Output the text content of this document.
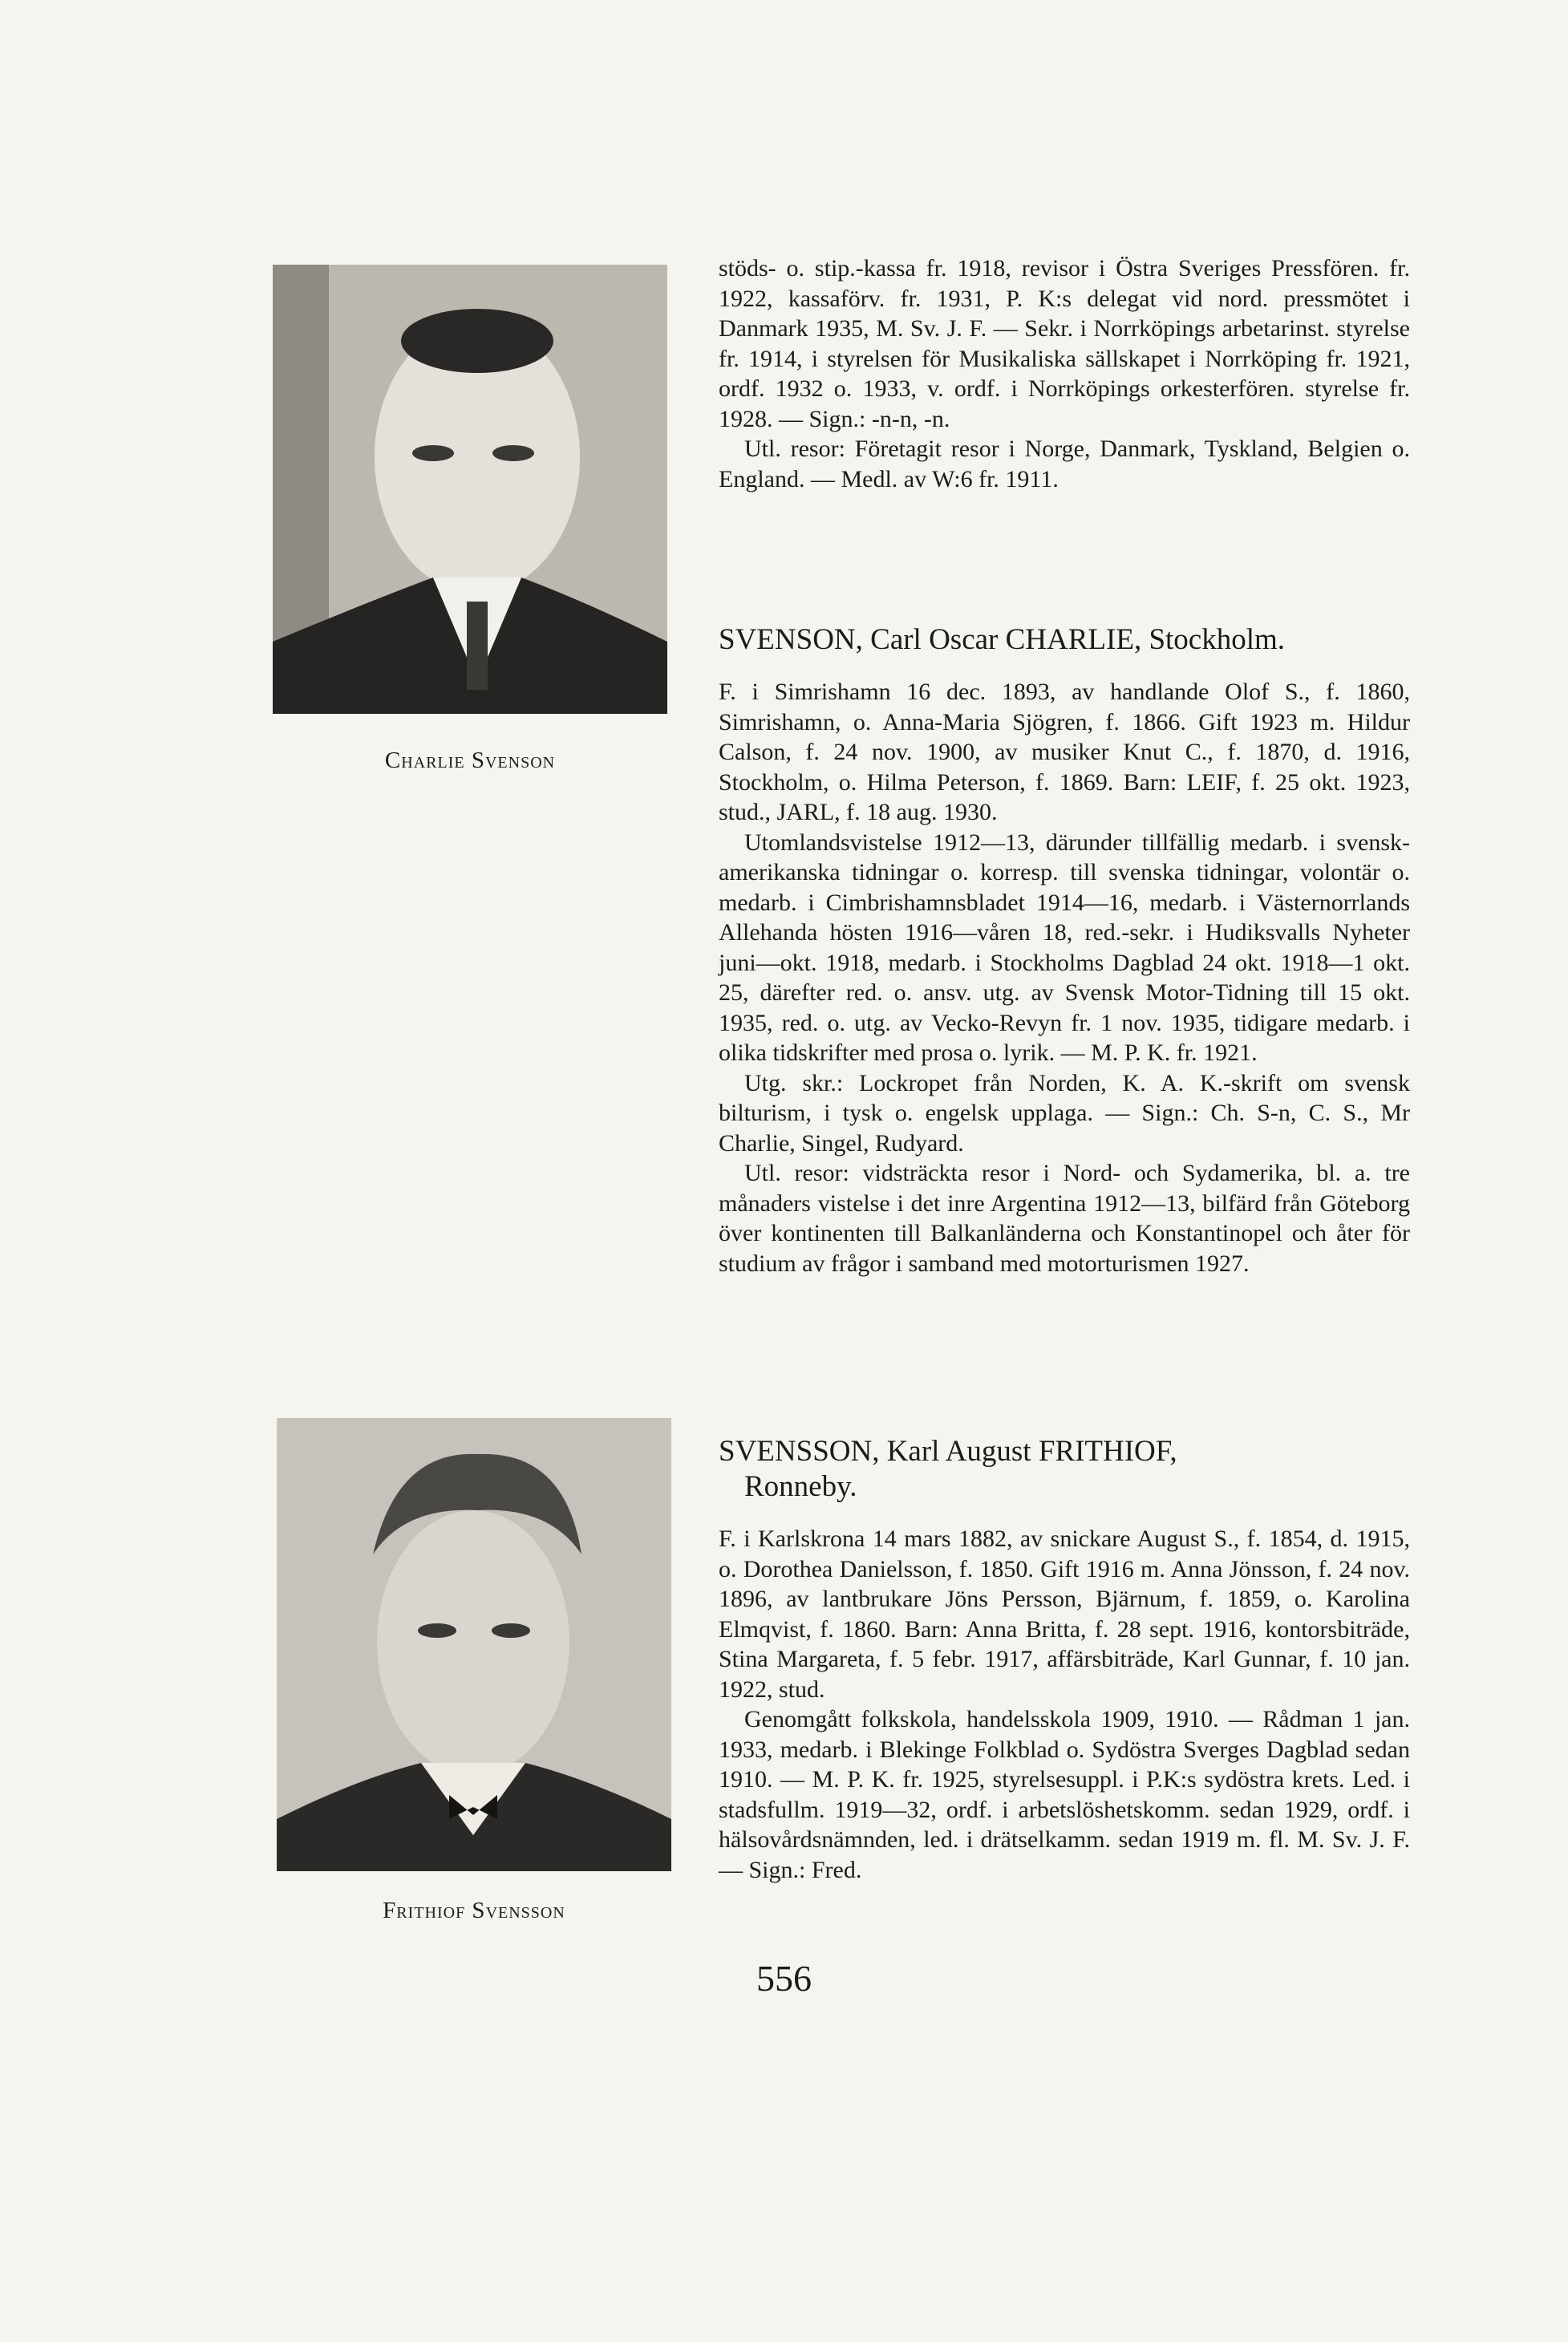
Charlie Svenson
Frithiof Svensson

stöds- o. stip.-kassa fr. 1918, revisor i Östra Sveriges Pressfören. fr. 1922, kassaförv. fr. 1931, P. K:s delegat vid nord. pressmötet i Danmark 1935, M. Sv. J. F. — Sekr. i Norrköpings arbetarinst. styrelse fr. 1914, i styrelsen för Musikaliska sällskapet i Norrköping fr. 1921, ordf. 1932 o. 1933, v. ordf. i Norrköpings orkesterfören. styrelse fr. 1928. — Sign.: -n-n, -n.

Utl. resor: Företagit resor i Norge, Danmark, Tyskland, Belgien o. England. — Medl. av W:6 fr. 1911.

SVENSON, Carl Oscar CHARLIE, Stockholm.

F. i Simrishamn 16 dec. 1893, av handlande Olof S., f. 1860, Simrishamn, o. Anna-Maria Sjögren, f. 1866. Gift 1923 m. Hildur Calson, f. 24 nov. 1900, av musiker Knut C., f. 1870, d. 1916, Stockholm, o. Hilma Peterson, f. 1869. Barn: LEIF, f. 25 okt. 1923, stud., JARL, f. 18 aug. 1930.

Utomlandsvistelse 1912—13, därunder tillfällig medarb. i svensk-amerikanska tidningar o. korresp. till svenska tidningar, volontär o. medarb. i Cimbrishamnsbladet 1914—16, medarb. i Västernorrlands Allehanda hösten 1916—våren 18, red.-sekr. i Hudiksvalls Nyheter juni—okt. 1918, medarb. i Stockholms Dagblad 24 okt. 1918—1 okt. 25, därefter red. o. ansv. utg. av Svensk Motor-Tidning till 15 okt. 1935, red. o. utg. av Vecko-Revyn fr. 1 nov. 1935, tidigare medarb. i olika tidskrifter med prosa o. lyrik. — M. P. K. fr. 1921.

Utg. skr.: Lockropet från Norden, K. A. K.-skrift om svensk bilturism, i tysk o. engelsk upplaga. — Sign.: Ch. S-n, C. S., Mr Charlie, Singel, Rudyard.

Utl. resor: vidsträckta resor i Nord- och Sydamerika, bl. a. tre månaders vistelse i det inre Argentina 1912—13, bilfärd från Göteborg över kontinenten till Balkanländerna och Konstantinopel och åter för studium av frågor i samband med motorturismen 1927.

SVENSSON, Karl August FRITHIOF,
Ronneby.

F. i Karlskrona 14 mars 1882, av snickare August S., f. 1854, d. 1915, o. Dorothea Danielsson, f. 1850. Gift 1916 m. Anna Jönsson, f. 24 nov. 1896, av lantbrukare Jöns Persson, Bjärnum, f. 1859, o. Karolina Elmqvist, f. 1860. Barn: Anna Britta, f. 28 sept. 1916, kontorsbiträde, Stina Margareta, f. 5 febr. 1917, affärsbiträde, Karl Gunnar, f. 10 jan. 1922, stud.

Genomgått folkskola, handelsskola 1909, 1910. — Rådman 1 jan. 1933, medarb. i Blekinge Folkblad o. Sydöstra Sverges Dagblad sedan 1910. — M. P. K. fr. 1925, styrelsesuppl. i P.K:s sydöstra krets. Led. i stadsfullm. 1919—32, ordf. i arbetslöshetskomm. sedan 1929, ordf. i hälsovårdsnämnden, led. i drätselkamm. sedan 1919 m. fl. M. Sv. J. F. — Sign.: Fred.

556
